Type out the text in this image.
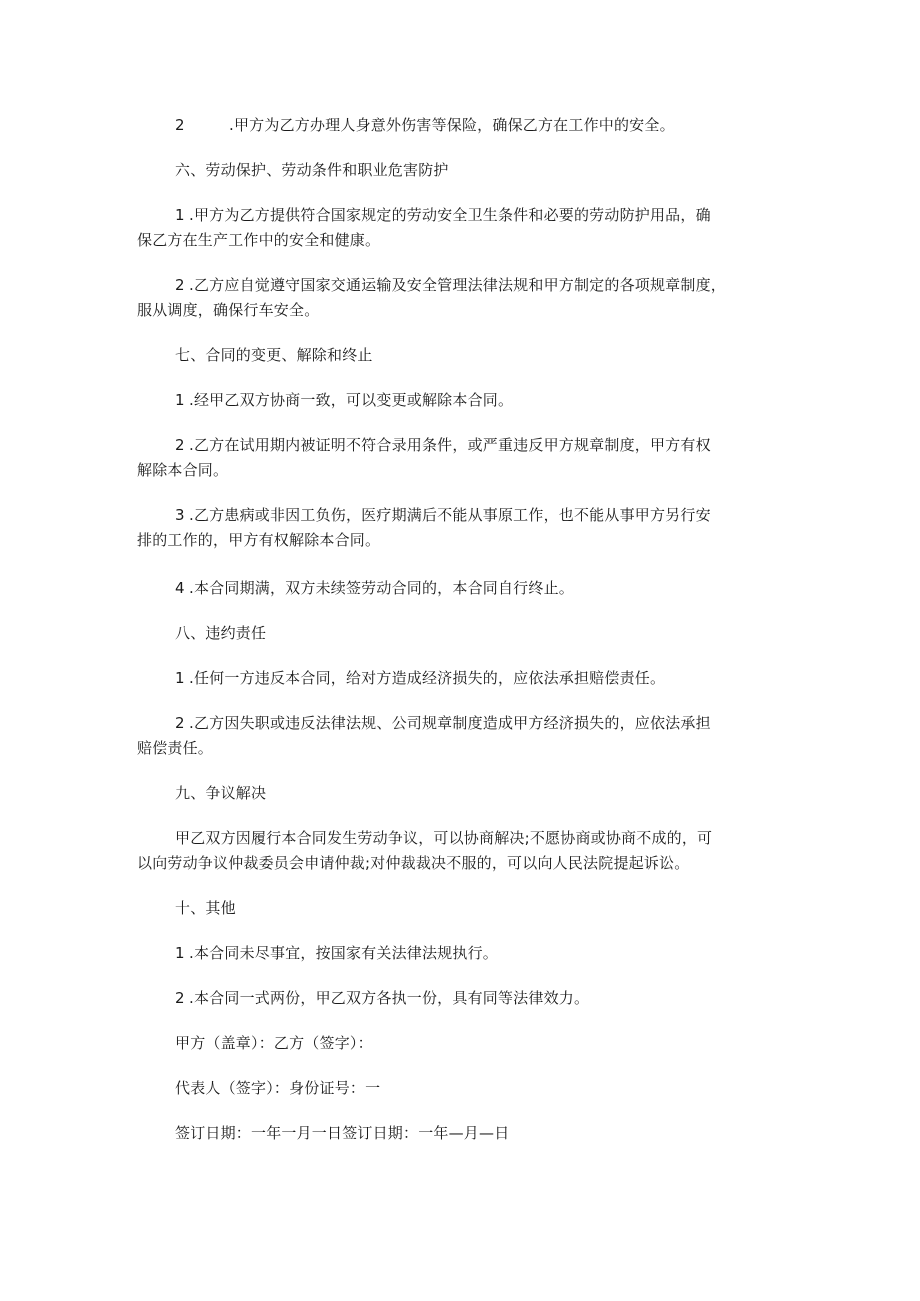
2	.甲方为乙方办理人身意外伤害等保险，确保乙方在工作中的安全。
六、劳动保护、劳动条件和职业危害防护
1 .甲方为乙方提供符合国家规定的劳动安全卫生条件和必要的劳动防护用品，确
保乙方在生产工作中的安全和健康。
2 .乙方应自觉遵守国家交通运输及安全管理法律法规和甲方制定的各项规章制度，
服从调度，确保行车安全。
七、合同的变更、解除和终止
1 .经甲乙双方协商一致，可以变更或解除本合同。
2 .乙方在试用期内被证明不符合录用条件，或严重违反甲方规章制度，甲方有权
解除本合同。
3 .乙方患病或非因工负伤，医疗期满后不能从事原工作，也不能从事甲方另行安
排的工作的，甲方有权解除本合同。
4 .本合同期满，双方未续签劳动合同的，本合同自行终止。
八、违约责任
1 .任何一方违反本合同，给对方造成经济损失的，应依法承担赔偿责任。
2 .乙方因失职或违反法律法规、公司规章制度造成甲方经济损失的，应依法承担
赔偿责任。
九、争议解决
甲乙双方因履行本合同发生劳动争议，可以协商解决;不愿协商或协商不成的，可
以向劳动争议仲裁委员会申请仲裁;对仲裁裁决不服的，可以向人民法院提起诉讼。
十、其他
1 .本合同未尽事宜，按国家有关法律法规执行。
2 .本合同一式两份，甲乙双方各执一份，具有同等法律效力。
甲方（盖章）：乙方（签字）：
代表人（签字）：身份证号：一
签订日期：一年一月一日签订日期：一年—月—日
